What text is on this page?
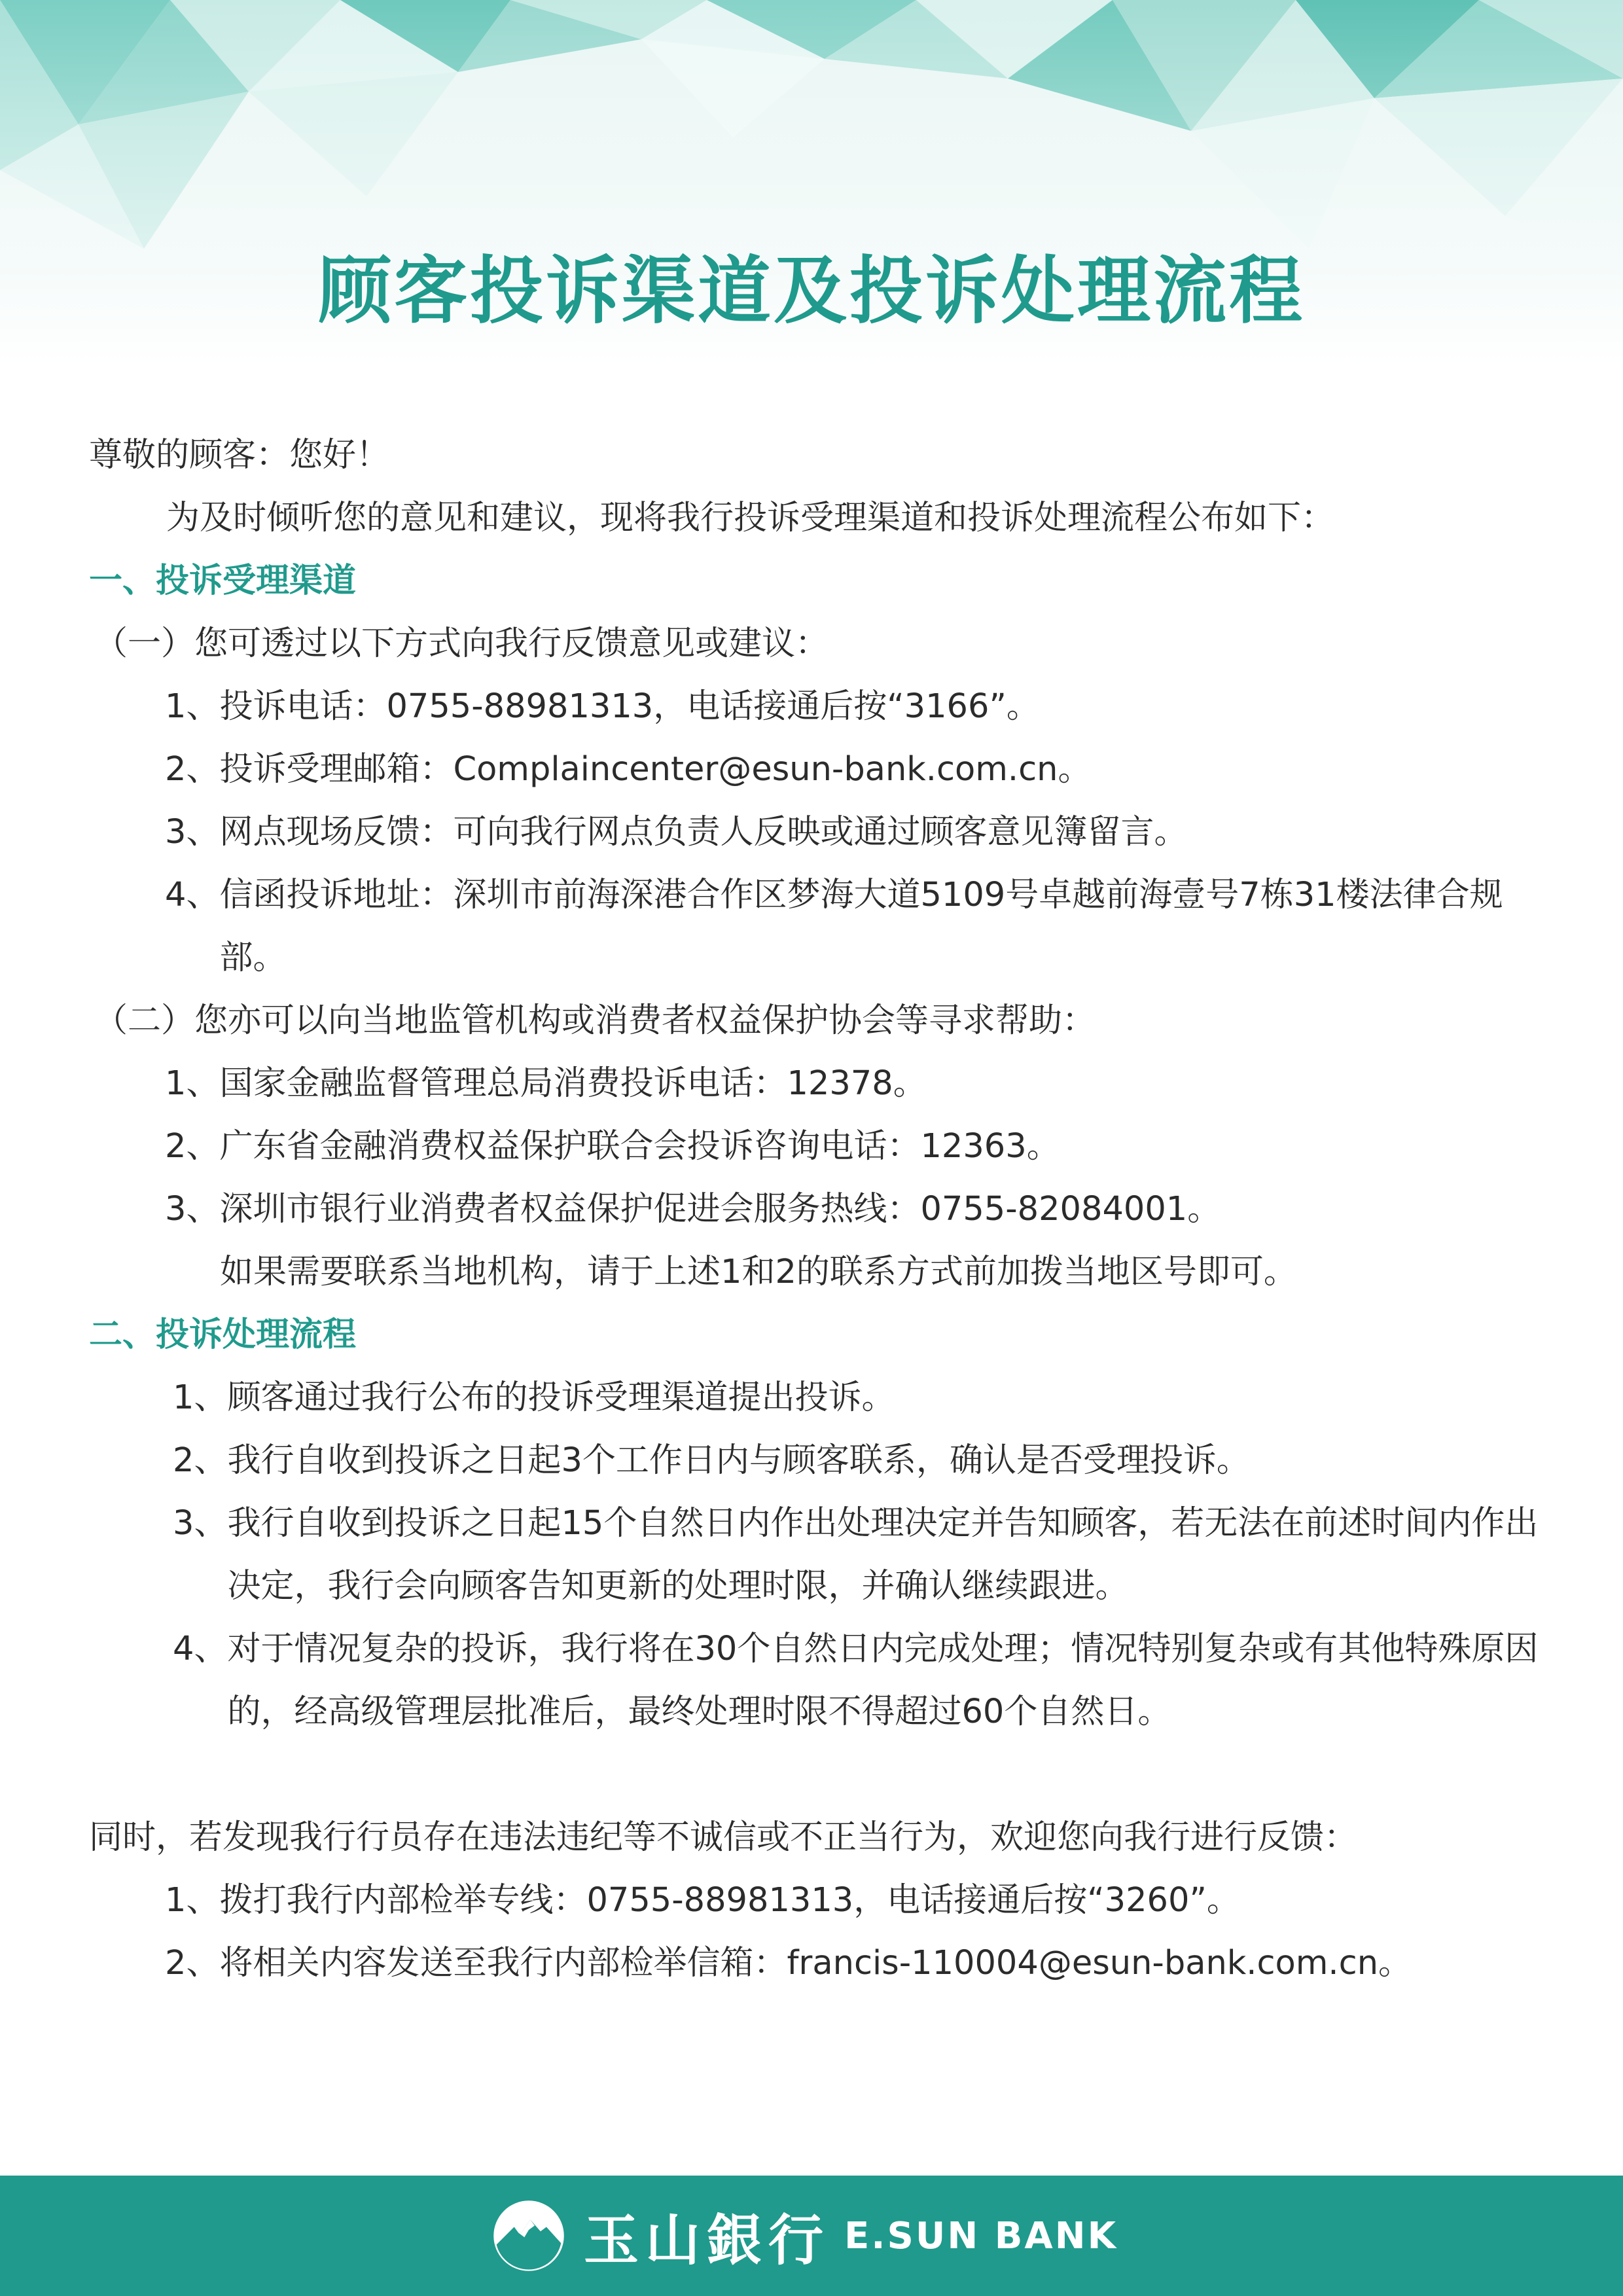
顾客投诉渠道及投诉处理流程
尊敬的顾客：您好！
为及时倾听您的意见和建议，现将我行投诉受理渠道和投诉处理流程公布如下：
一、投诉受理渠道
（一）您可透过以下方式向我行反馈意见或建议：
1、 投诉电话：0755-88981313，电话接通后按“3166”。
2、 投诉受理邮箱：Complaincenter@esun-bank.com.cn。
3、 网点现场反馈：可向我行网点负责人反映或通过顾客意见簿留言。
4、 信函投诉地址：深圳市前海深港合作区梦海大道5109号卓越前海壹号7栋31楼法律合规部。
（二）您亦可以向当地监管机构或消费者权益保护协会等寻求帮助：
1、 国家金融监督管理总局消费投诉电话：12378。
2、 广东省金融消费权益保护联合会投诉咨询电话：12363。
3、 深圳市银行业消费者权益保护促进会服务热线：0755-82084001。
如果需要联系当地机构，请于上述1和2的联系方式前加拨当地区号即可。
二、投诉处理流程
1、 顾客通过我行公布的投诉受理渠道提出投诉。
2、 我行自收到投诉之日起3个工作日内与顾客联系，确认是否受理投诉。
3、 我行自收到投诉之日起15个自然日内作出处理决定并告知顾客，若无法在前述时间内作出决定，我行会向顾客告知更新的处理时限，并确认继续跟进。
4、 对于情况复杂的投诉，我行将在30个自然日内完成处理；情况特别复杂或有其他特殊原因的，经高级管理层批准后，最终处理时限不得超过60个自然日。
同时，若发现我行行员存在违法违纪等不诚信或不正当行为，欢迎您向我行进行反馈：
1、 拨打我行内部检举专线：0755-88981313，电话接通后按“3260”。
2、 将相关内容发送至我行内部检举信箱：francis-110004@esun-bank.com.cn。
玉山銀行 E.SUN BANK
